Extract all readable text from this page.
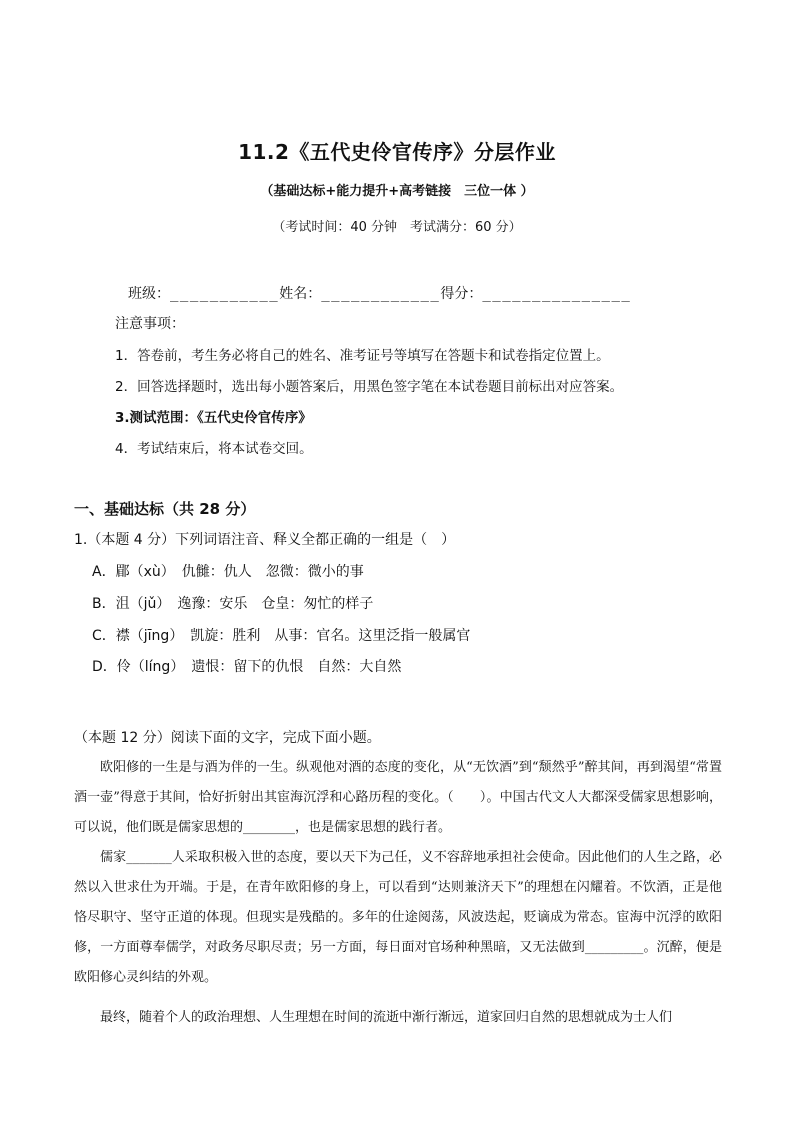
11.2《五代史伶官传序》分层作业
（基础达标+能力提升+高考链接　三位一体 ）
（考试时间：40 分钟　考试满分：60 分）
班级：___________姓名：____________得分：_______________
注意事项：
1．答卷前，考生务必将自己的姓名、准考证号等填写在答题卡和试卷指定位置上。
2．回答选择题时，选出每小题答案后，用黑色签字笔在本试卷题目前标出对应答案。
3.测试范围：《五代史伶官传序》
4．考试结束后，将本试卷交回。
一、基础达标（共 28 分）
1.（本题 4 分）下列词语注音、释义全都正确的一组是（　）
A．郿（xù）　仇雠：仇人　忽微：微小的事
B．沮（jǔ）　逸豫：安乐　仓皇：匆忙的样子
C．襟（jīng）　凯旋：胜利　从事：官名。这里泛指一般属官
D．伶（líng）　遗恨：留下的仇恨　自然：大自然
（本题 12 分）阅读下面的文字，完成下面小题。

欧阳修的一生是与酒为伴的一生。纵观他对酒的态度的变化，从“无饮酒”到“颓然乎”醉其间，再到渴望“常置酒一壶”得意于其间，恰好折射出其宦海沉浮和心路历程的变化。（　　）。中国古代文人大都深受儒家思想影响，可以说，他们既是儒家思想的________，也是儒家思想的践行者。

儒家_______人采取积极入世的态度，要以天下为己任，义不容辞地承担社会使命。因此他们的人生之路，必然以入世求仕为开端。于是，在青年欧阳修的身上，可以看到“达则兼济天下”的理想在闪耀着。不饮酒，正是他恪尽职守、坚守正道的体现。但现实是残酷的。多年的仕途阅荡，风波迭起，贬谪成为常态。宦海中沉浮的欧阳修，一方面尊奉儒学，对政务尽职尽责；另一方面，每日面对官场种种黑暗，又无法做到_________。沉醉，便是欧阳修心灵纠结的外观。

最终，随着个人的政治理想、人生理想在时间的流逝中渐行渐远，道家回归自然的思想就成为士人们
